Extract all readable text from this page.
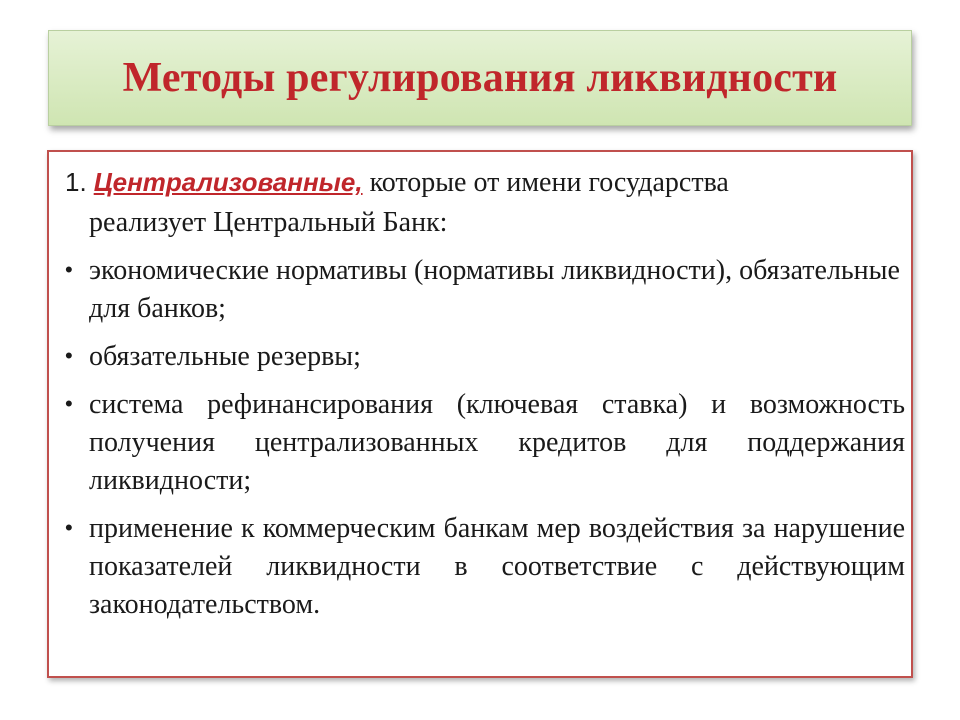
Методы регулирования ликвидности
1. Централизованные, которые от имени государства
реализует Центральный Банк:
• экономические нормативы (нормативы ликвидности), обязательные для банков;
• обязательные резервы;
• система рефинансирования (ключевая ставка) и возможность получения централизованных кредитов для поддержания ликвидности;
• применение к коммерческим банкам мер воздействия за нарушение показателей ликвидности в соответствие с действующим законодательством.
